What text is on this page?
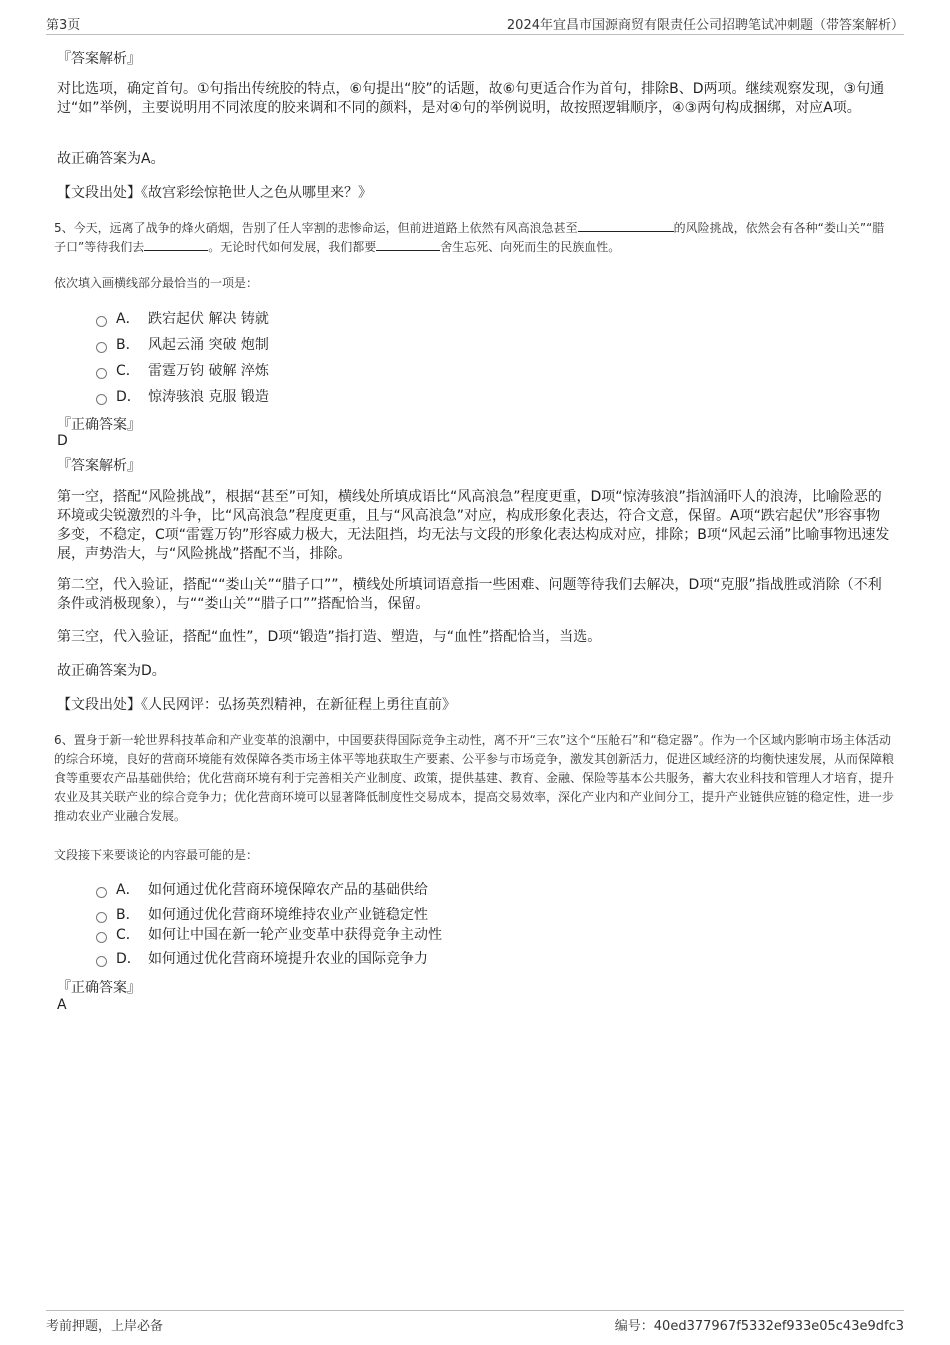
第3页	2024年宜昌市国源商贸有限责任公司招聘笔试冲刺题（带答案解析）
『答案解析』

对比选项，确定首句。①句指出传统胶的特点，⑥句提出“胶”的话题，故⑥句更适合作为首句，排除B、D两项。继续观察发现，③句通过“如”举例，主要说明用不同浓度的胶来调和不同的颜料，是对④句的举例说明，故按照逻辑顺序，④③两句构成捆绑，对应A项。

故正确答案为A。

【文段出处】《故宫彩绘惊艳世人之色从哪里来？》

5、今天，远离了战争的烽火硝烟，告别了任人宰割的悲惨命运，但前进道路上依然有风高浪急甚至	的风险挑战，依然会有各种“娄山关”“腊子口”等待我们去	。无论时代如何发展，我们都要	舍生忘死、向死而生的民族血性。

依次填入画横线部分最恰当的一项是：
A． 跌宕起伏 解决 铸就
B． 风起云涌 突破 炮制
C． 雷霆万钧 破解 淬炼
D． 惊涛骇浪 克服 锻造
『正确答案』
D
『答案解析』

第一空，搭配“风险挑战”，根据“甚至”可知，横线处所填成语比“风高浪急”程度更重，D项“惊涛骇浪”指汹涌吓人的浪涛，比喻险恶的环境或尖锐激烈的斗争，比“风高浪急”程度更重，且与“风高浪急”对应，构成形象化表达，符合文意，保留。A项“跌宕起伏”形容事物多变，不稳定，C项“雷霆万钧”形容威力极大，无法阻挡，均无法与文段的形象化表达构成对应，排除；B项“风起云涌”比喻事物迅速发展，声势浩大，与“风险挑战”搭配不当，排除。

第二空，代入验证，搭配““娄山关”“腊子口””，横线处所填词语意指一些困难、问题等待我们去解决，D项“克服”指战胜或消除（不利条件或消极现象），与““娄山关”“腊子口””搭配恰当，保留。

第三空，代入验证，搭配“血性”，D项“锻造”指打造、塑造，与“血性”搭配恰当，当选。

故正确答案为D。

【文段出处】《人民网评：弘扬英烈精神，在新征程上勇往直前》

6、置身于新一轮世界科技革命和产业变革的浪潮中，中国要获得国际竞争主动性，离不开“三农”这个“压舱石”和“稳定器”。作为一个区域内影响市场主体活动的综合环境，良好的营商环境能有效保障各类市场主体平等地获取生产要素、公平参与市场竞争，激发其创新活力，促进区域经济的均衡快速发展，从而保障粮食等重要农产品基础供给；优化营商环境有利于完善相关产业制度、政策，提供基建、教育、金融、保险等基本公共服务，蓄大农业科技和管理人才培育，提升农业及其关联产业的综合竞争力；优化营商环境可以显著降低制度性交易成本，提高交易效率，深化产业内和产业间分工，提升产业链供应链的稳定性，进一步推动农业产业融合发展。

文段接下来要谈论的内容最可能的是：
A． 如何通过优化营商环境保障农产品的基础供给
B． 如何通过优化营商环境维持农业产业链稳定性
C． 如何让中国在新一轮产业变革中获得竞争主动性
D． 如何通过优化营商环境提升农业的国际竞争力
『正确答案』
A
考前押题，上岸必备	编号：40ed377967f5332ef933e05c43e9dfc3
